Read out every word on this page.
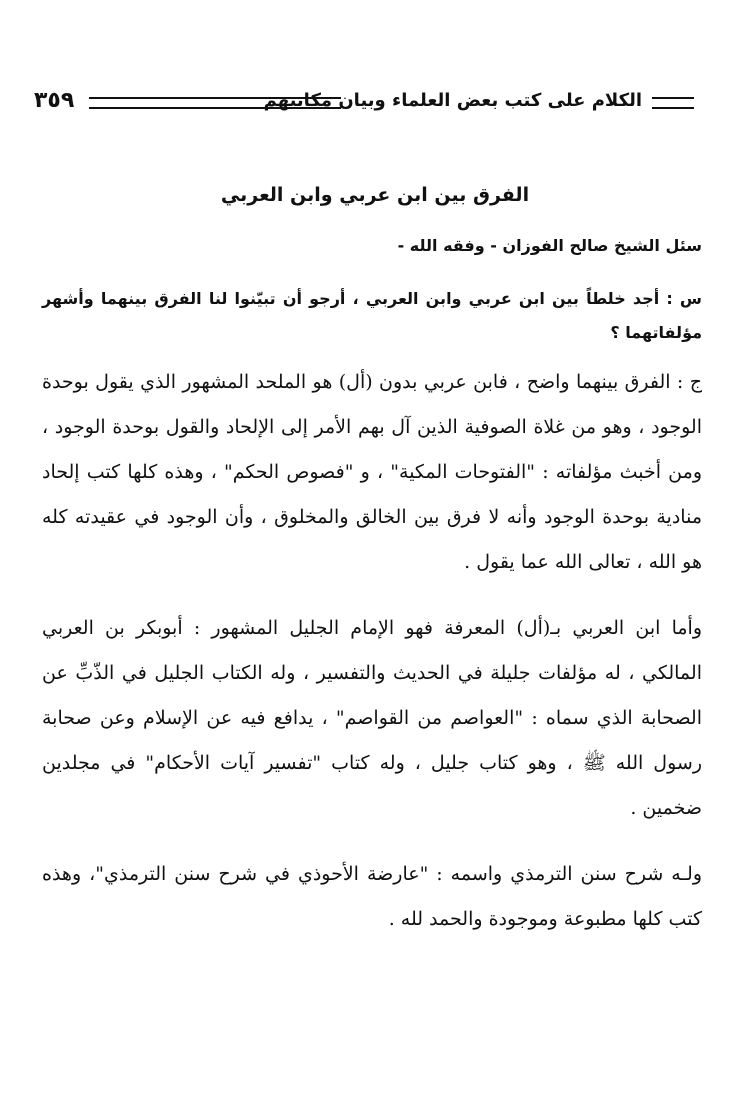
الكلام على كتب بعض العلماء وبيان مكانتهم
٣٥٩
الفرق بين ابن عربي وابن العربي
سئل الشيخ صالح الفوزان - وفقه الله -
س : أجد خلطاً بين ابن عربي وابن العربي ، أرجو أن تبيّنوا لنا الفرق بينهما وأشهر مؤلفاتهما ؟
ج : الفرق بينهما واضح ، فابن عربي بدون (أل) هو الملحد المشهور الذي يقول بوحدة الوجود ، وهو من غلاة الصوفية الذين آل بهم الأمر إلى الإلحاد والقول بوحدة الوجود ، ومن أخبث مؤلفاته : "الفتوحات المكية" ، و "فصوص الحكم" ، وهذه كلها كتب إلحاد منادية بوحدة الوجود وأنه لا فرق بين الخالق والمخلوق ، وأن الوجود في عقيدته كله هو الله ، تعالى الله عما يقول .
وأما ابن العربي بـ(أل) المعرفة فهو الإمام الجليل المشهور : أبوبكر بن العربي المالكي ، له مؤلفات جليلة في الحديث والتفسير ، وله الكتاب الجليل في الذّبِّ عن الصحابة الذي سماه : "العواصم من القواصم" ، يدافع فيه عن الإسلام وعن صحابة رسول الله ﷺ ، وهو كتاب جليل ، وله كتاب "تفسير آيات الأحكام" في مجلدين ضخمين .
ولـه شرح سنن الترمذي واسمه : "عارضة الأحوذي في شرح سنن الترمذي"، وهذه كتب كلها مطبوعة وموجودة والحمد لله .
